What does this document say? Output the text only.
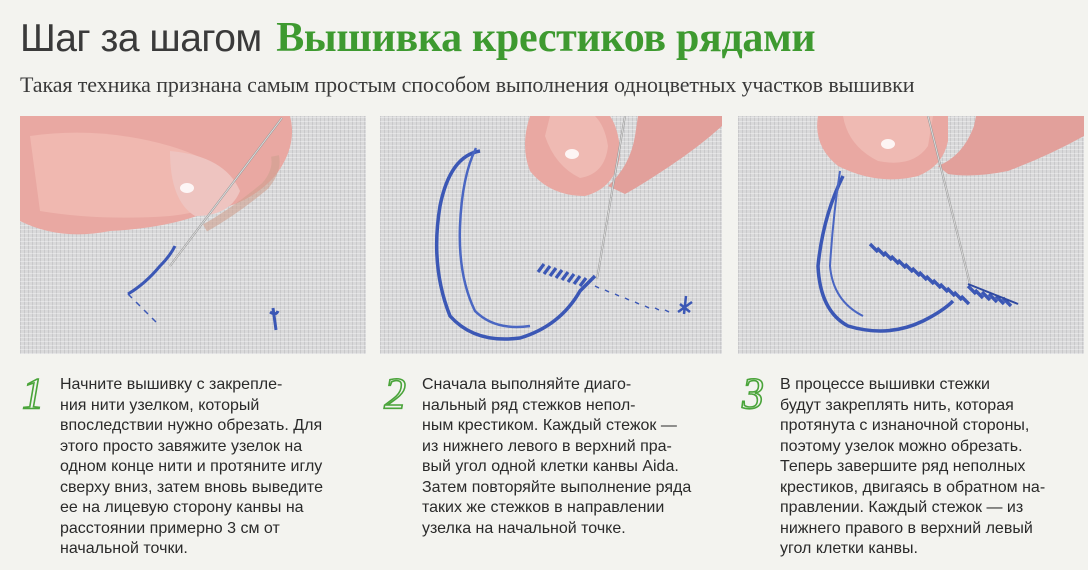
Шаг за шагом Вышивка крестиков рядами
Такая техника признана самым простым способом выполнения одноцветных участков вышивки
1 Начните вышивку с закрепле-
ния нити узелком, который
впоследствии нужно обрезать. Для
этого просто завяжите узелок на
одном конце нити и протяните иглу
сверху вниз, затем вновь выведите
ее на лицевую сторону канвы на
расстоянии примерно 3 см от
начальной точки.

2 Сначала выполняйте диаго-
нальный ряд стежков непол-
ным крестиком. Каждый стежок —
из нижнего левого в верхний пра-
вый угол одной клетки канвы Aida.
Затем повторяйте выполнение ряда
таких же стежков в направлении
узелка на начальной точке.

3 В процессе вышивки стежки
будут закреплять нить, которая
протянута с изнаночной стороны,
поэтому узелок можно обрезать.
Теперь завершите ряд неполных
крестиков, двигаясь в обратном на-
правлении. Каждый стежок — из
нижнего правого в верхний левый
угол клетки канвы.
